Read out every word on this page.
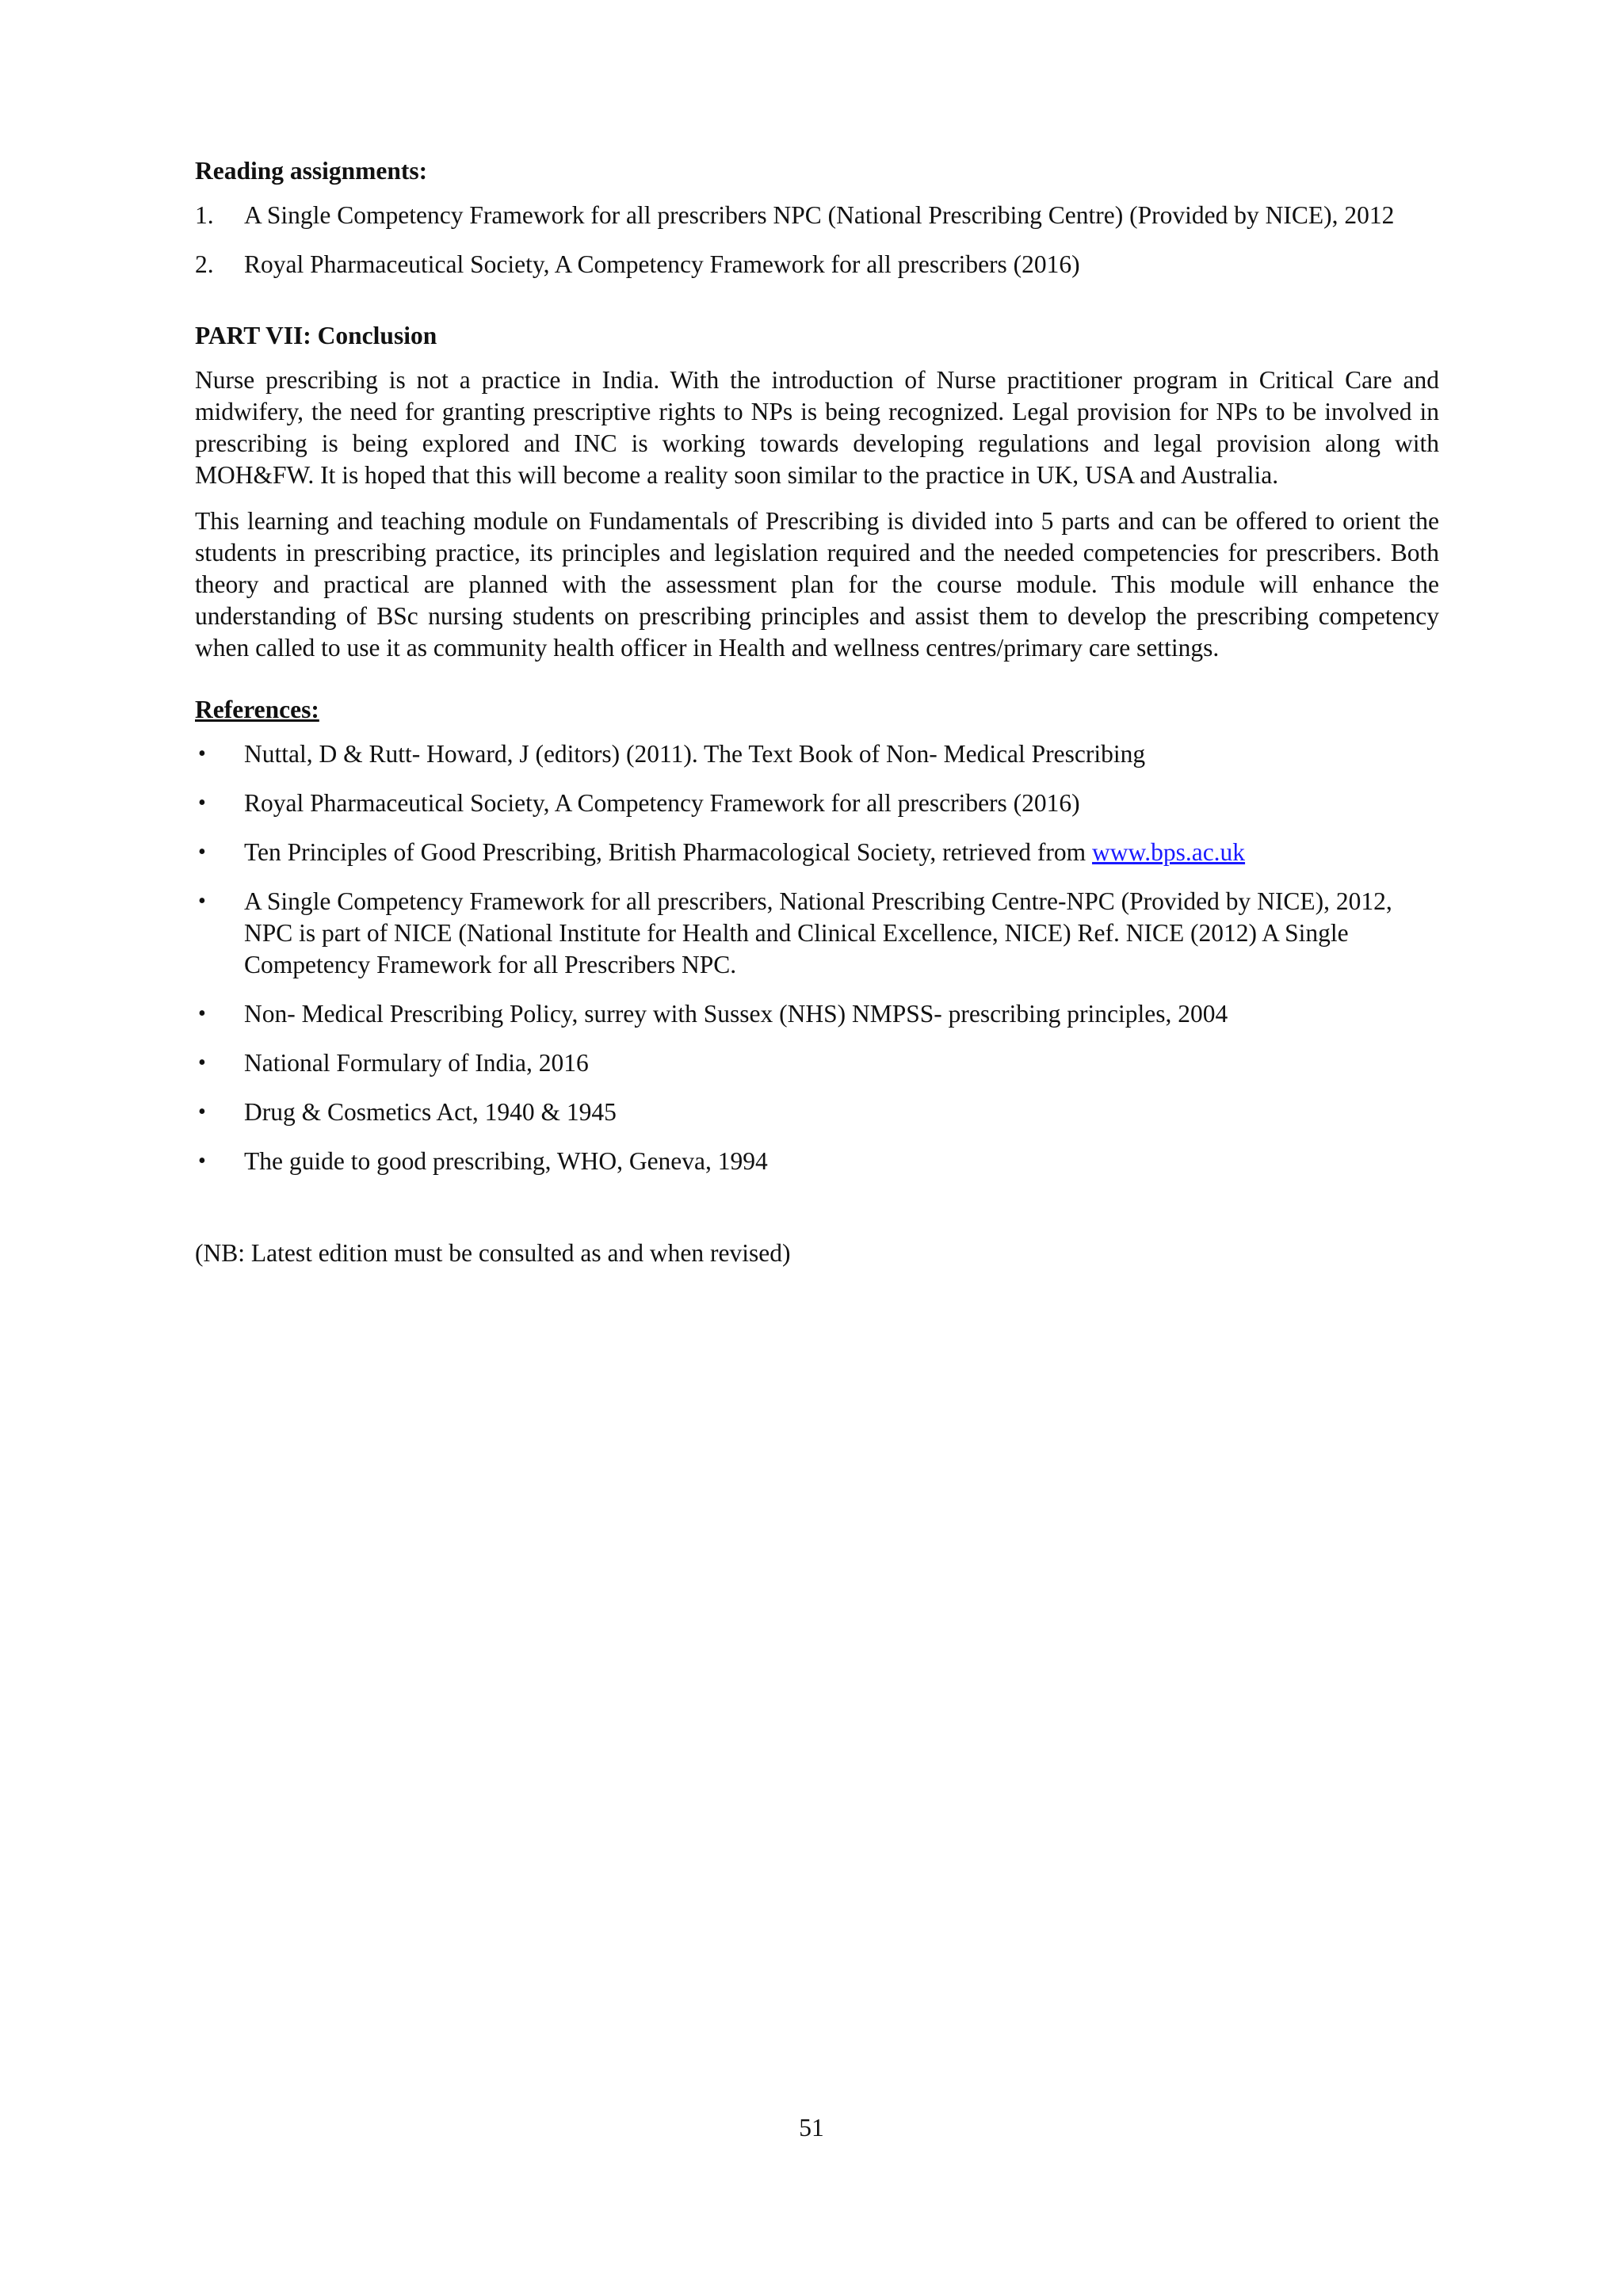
Reading assignments:
1. A Single Competency Framework for all prescribers NPC (National Prescribing Centre) (Provided by NICE), 2012
2. Royal Pharmaceutical Society, A Competency Framework for all prescribers (2016)
PART VII: Conclusion

Nurse prescribing is not a practice in India. With the introduction of Nurse practitioner program in Critical Care and midwifery, the need for granting prescriptive rights to NPs is being recognized. Legal provision for NPs to be involved in prescribing is being explored and INC is working towards developing regulations and legal provision along with MOH&FW. It is hoped that this will become a reality soon similar to the practice in UK, USA and Australia.

This learning and teaching module on Fundamentals of Prescribing is divided into 5 parts and can be offered to orient the students in prescribing practice, its principles and legislation required and the needed competencies for prescribers. Both theory and practical are planned with the assessment plan for the course module. This module will enhance the understanding of BSc nursing students on prescribing principles and assist them to develop the prescribing competency when called to use it as community health officer in Health and wellness centres/primary care settings.

References:
• Nuttal, D & Rutt- Howard, J (editors) (2011). The Text Book of Non- Medical Prescribing
• Royal Pharmaceutical Society, A Competency Framework for all prescribers (2016)
• Ten Principles of Good Prescribing, British Pharmacological Society, retrieved from www.bps.ac.uk
• A Single Competency Framework for all prescribers, National Prescribing Centre-NPC (Provided by NICE), 2012, NPC is part of NICE (National Institute for Health and Clinical Excellence, NICE) Ref. NICE (2012) A Single Competency Framework for all Prescribers NPC.
• Non- Medical Prescribing Policy, surrey with Sussex (NHS) NMPSS- prescribing principles, 2004
• National Formulary of India, 2016
• Drug & Cosmetics Act, 1940 & 1945
• The guide to good prescribing, WHO, Geneva, 1994

(NB: Latest edition must be consulted as and when revised)

51
